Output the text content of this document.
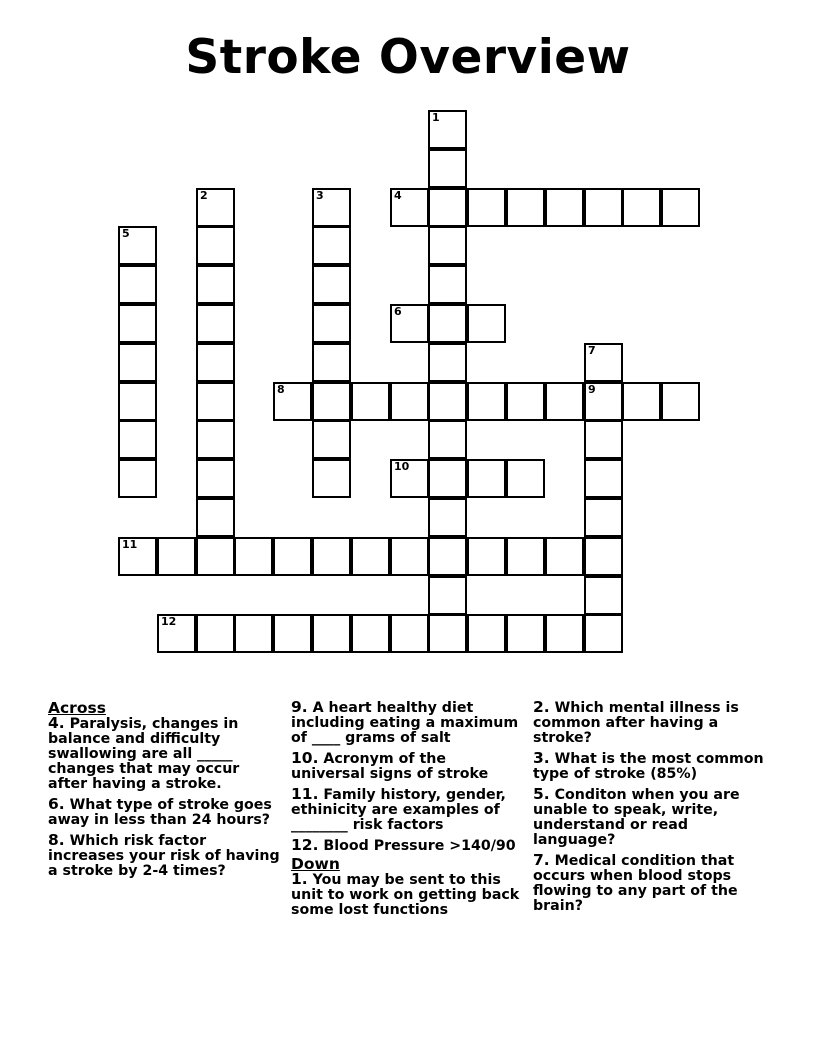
Stroke Overview
1
2	3	4
5
6
7
9
8
10
11
12

Across

4. Paralysis, changes in balance and difficulty swallowing are all _____ changes that may occur after having a stroke.

6. What type of stroke goes away in less than 24 hours?

8. Which risk factor increases your risk of having a stroke by 2-4 times?

9. A heart healthy diet including eating a maximum of ____ grams of salt

10. Acronym of the universal signs of stroke

11. Family history, gender, ethinicity are examples of ________ risk factors

12. Blood Pressure >140/90

Down

1. You may be sent to this unit to work on getting back some lost functions

2. Which mental illness is common after having a stroke?

3. What is the most common type of stroke (85%)

5. Conditon when you are unable to speak, write, understand or read language?

7. Medical condition that occurs when blood stops flowing to any part of the brain?
